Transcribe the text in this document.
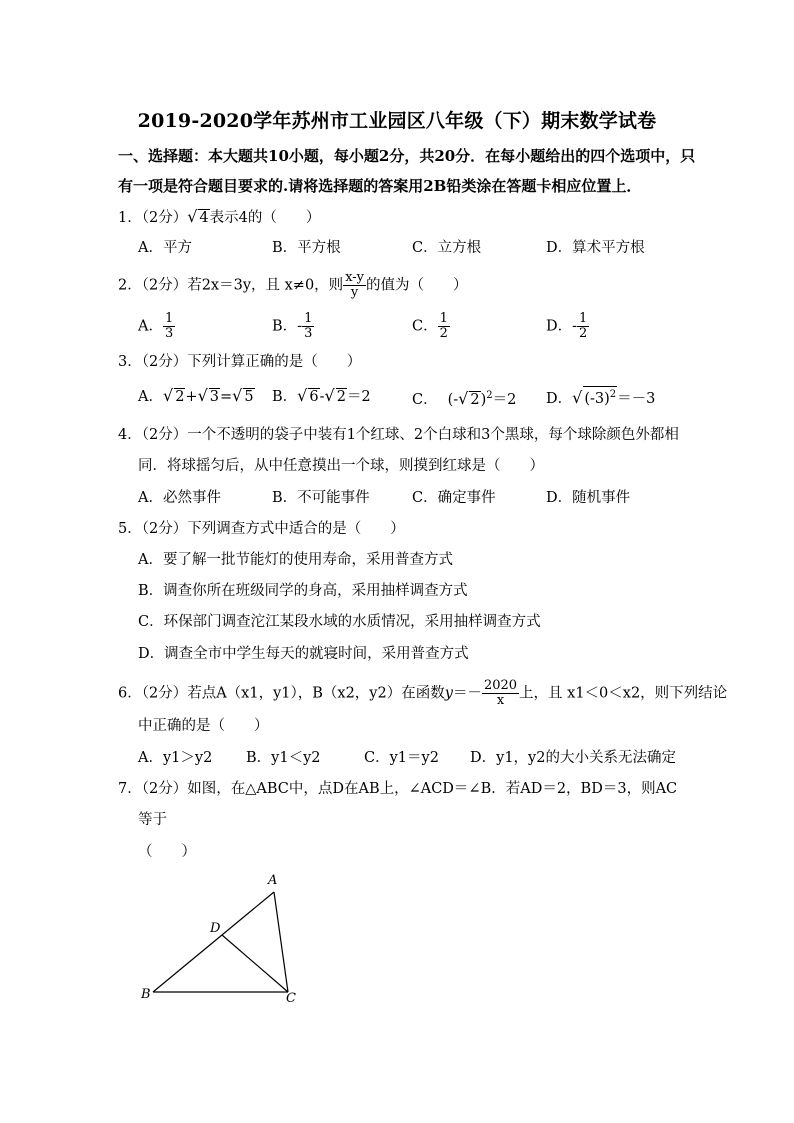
2019-2020学年苏州市工业园区八年级（下）期末数学试卷
一、选择题：本大题共10小题，每小题2分，共20分．在每小题给出的四个选项中，只
有一项是符合题目要求的.请将选择题的答案用2B铅类涂在答题卡相应位置上．
1．（2分）√ 4表示4的（　　）
A．平方	B．平方根	C．立方根	D．算术平方根
2．（2分）若2x＝3y，且 x≠0，则 $\frac{x-y}{y}$ 的值为（　　）
A． $\frac{1}{3}$	B．- $\frac{1}{3}$	C． $\frac{1}{2}$	D．- $\frac{1}{2}$
3．（2分）下列计算正确的是（　　）
A．√ 2+√ 3=√ 5 B．√ 6-√ 2＝2	C． (-√ 2)$^2$＝2 D．√ $(-3)^2=-3$
4．（2分）一个不透明的袋子中装有1个红球、2个白球和3个黑球，每个球除颜色外都相
同．将球摇匀后，从中任意摸出一个球，则摸到红球是（　　）
A．必然事件	B．不可能事件	C．确定事件	D．随机事件
5．（2分）下列调查方式中适合的是（　　）
A．要了解一批节能灯的使用寿命，采用普查方式
B．调查你所在班级同学的身高，采用抽样调查方式
C．环保部门调查沱江某段水域的水质情况，采用抽样调查方式
D．调查全市中学生每天的就寝时间，采用普查方式
6．（2分）若点A（x1，y1），B（x2，y2）在函数$y=- \frac{2020}{x}$ 上，且 x1＜0＜x2，则下列结论
中正确的是（　　）
A．y1＞y2 B．y1＜y2	C．y1＝y2 D．y1，y2的大小关系无法确定
7．（2分）如图，在△ABC中，点D在AB上，∠ACD＝∠B．若AD＝2，BD＝3，则AC
等于
（　　）
A
B	C
D
